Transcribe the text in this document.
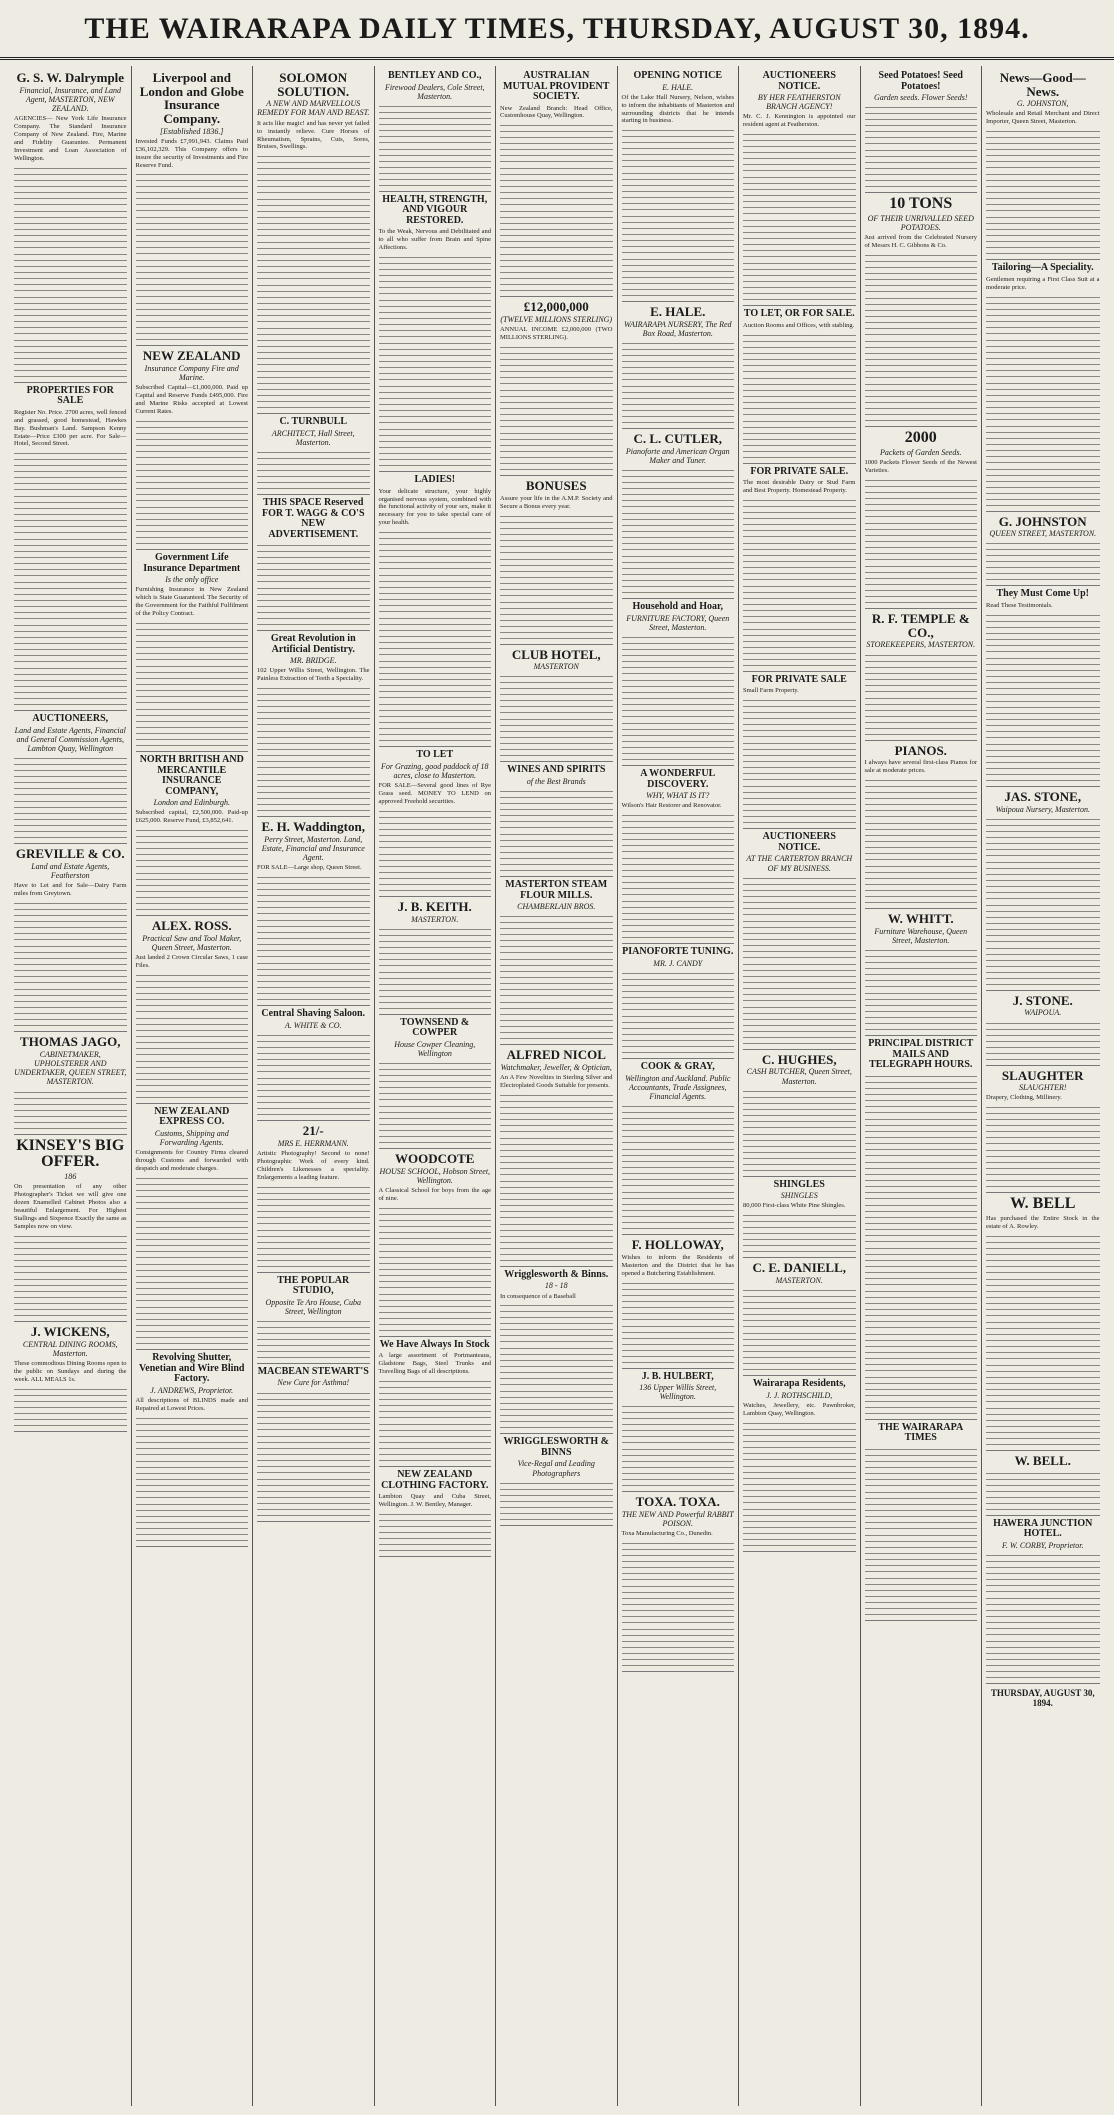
THE WAIRARAPA DAILY TIMES, THURSDAY, AUGUST 30, 1894.
G. S. W. Dalrymple
Financial, Insurance, and Land Agent, MASTERTON, NEW ZEALAND.
AGENCIES— New York Life Insurance Company. The Standard Insurance Company of New Zealand. Fire, Marine and Fidelity Guarantee. Permanent Investment and Loan Association of Wellington.
PROPERTIES FOR SALE
Register No. Price. 2700 acres, well fenced and grassed, good homestead, Hawkes Bay. Bushman's Land. Sampson Kenny Estate—Price £300 per acre. For Sale—Hotel, Second Street.
AUCTIONEERS,
Land and Estate Agents, Financial and General Commission Agents, Lambton Quay, Wellington
GREVILLE & CO.
Land and Estate Agents, Featherston
Have to Let and for Sale—Dairy Farm miles from Greytown.
THOMAS JAGO,
CABINETMAKER, UPHOLSTERER AND UNDERTAKER, QUEEN STREET, MASTERTON.
KINSEY'S BIG OFFER.
186
On presentation of any other Photographer's Ticket we will give one dozen Enamelled Cabinet Photos also a beautiful Enlargement. For Highest Stallings and Sixpence Exactly the same as Samples now on view.
J. WICKENS,
CENTRAL DINING ROOMS, Masterton.
These commodious Dining Rooms open to the public on Sundays and during the week. ALL MEALS 1s.
Liverpool and London and Globe Insurance Company.
[Established 1836.]
Invested Funds £7,991,943. Claims Paid £36,102,329. This Company offers to insure the security of Investments and Fire Reserve Fund.
NEW ZEALAND
Insurance Company Fire and Marine.
Subscribed Capital—£1,000,000. Paid up Capital and Reserve Funds £495,000. Fire and Marine Risks accepted at Lowest Current Rates.
Government Life Insurance Department
Is the only office
Furnishing Insurance in New Zealand which is State Guaranteed. The Security of the Government for the Faithful Fulfilment of the Policy Contract.
NORTH BRITISH AND MERCANTILE INSURANCE COMPANY,
London and Edinburgh.
Subscribed capital, £2,500,000. Paid-up £625,000. Reserve Fund, £3,852,641.
ALEX. ROSS.
Practical Saw and Tool Maker, Queen Street, Masterton.
Just landed 2 Crown Circular Saws, 1 case Files.
NEW ZEALAND EXPRESS CO.
Customs, Shipping and Forwarding Agents.
Consignments for Country Firms cleared through Customs and forwarded with despatch and moderate charges.
Revolving Shutter, Venetian and Wire Blind Factory.
J. ANDREWS, Proprietor.
All descriptions of BLINDS made and Repaired at Lowest Prices.
SOLOMON SOLUTION.
A NEW AND MARVELLOUS REMEDY FOR MAN AND BEAST.
It acts like magic! and has never yet failed to instantly relieve. Cure Horses of Rheumatism, Sprains, Cuts, Sores, Bruises, Swellings.
C. TURNBULL
ARCHITECT, Hall Street, Masterton.
THIS SPACE Reserved FOR T. WAGG & CO'S NEW ADVERTISEMENT.
Great Revolution in Artificial Dentistry.
MR. BRIDGE.
102 Upper Willis Street, Wellington. The Painless Extraction of Teeth a Speciality.
E. H. Waddington,
Perry Street, Masterton. Land, Estate, Financial and Insurance Agent.
FOR SALE—Large shop, Queen Street.
Central Shaving Saloon.
A. WHITE & CO.
21/-
MRS E. HERRMANN.
Artistic Photography! Second to none! Photographic Work of every kind. Children's Likenesses a speciality. Enlargements a leading feature.
THE POPULAR STUDIO,
Opposite Te Aro House, Cuba Street, Wellington
MACBEAN STEWART'S
New Cure for Asthma!
BENTLEY AND CO.,
Firewood Dealers, Cole Street, Masterton.
HEALTH, STRENGTH, AND VIGOUR RESTORED.
To the Weak, Nervous and Debilitated and to all who suffer from Brain and Spine Affections.
LADIES!
Your delicate structure, your highly organised nervous system, combined with the functional activity of your sex, make it necessary for you to take special care of your health.
TO LET
For Grazing, good paddock of 18 acres, close to Masterton.
FOR SALE—Several good lines of Rye Grass seed. MONEY TO LEND on approved Freehold securities.
J. B. KEITH.
MASTERTON.
TOWNSEND & COWPER
House Cowper Cleaning, Wellington
WOODCOTE
HOUSE SCHOOL, Hobson Street, Wellington.
A Classical School for boys from the age of nine.
We Have Always In Stock
A large assortment of Portmanteaus, Gladstone Bags, Steel Trunks and Travelling Bags of all descriptions.
NEW ZEALAND CLOTHING FACTORY.
Lambton Quay and Cuba Street, Wellington. J. W. Bentley, Manager.
AUSTRALIAN MUTUAL PROVIDENT SOCIETY.
New Zealand Branch: Head Office, Customhouse Quay, Wellington.
£12,000,000
(TWELVE MILLIONS STERLING)
ANNUAL INCOME £2,000,000 (TWO MILLIONS STERLING).
BONUSES
Assure your life in the A.M.P. Society and Secure a Bonus every year.
CLUB HOTEL,
MASTERTON
WINES AND SPIRITS
of the Best Brands
MASTERTON STEAM FLOUR MILLS.
CHAMBERLAIN BROS.
ALFRED NICOL
Watchmaker, Jeweller, & Optician,
An A Few Novelties in Sterling Silver and Electroplated Goods Suitable for presents.
Wrigglesworth & Binns.
18 - 18
In consequence of a Baseball
WRIGGLESWORTH & BINNS
Vice-Regal and Leading Photographers
OPENING NOTICE
E. HALE.
Of the Lake Hall Nursery, Nelson, wishes to inform the inhabitants of Masterton and surrounding districts that he intends starting in business.
E. HALE.
WAIRARAPA NURSERY, The Red Box Road, Masterton.
C. L. CUTLER,
Pianoforte and American Organ Maker and Tuner.
Household and Hoar,
FURNITURE FACTORY, Queen Street, Masterton.
A WONDERFUL DISCOVERY.
WHY, WHAT IS IT?
Wilson's Hair Restorer and Renovator.
PIANOFORTE TUNING.
MR. J. CANDY
COOK & GRAY,
Wellington and Auckland. Public Accountants, Trade Assignees, Financial Agents.
F. HOLLOWAY,
Wishes to inform the Residents of Masterton and the District that he has opened a Butchering Establishment.
J. B. HULBERT,
136 Upper Willis Street, Wellington.
TOXA. TOXA.
THE NEW AND Powerful RABBIT POISON.
Toxa Manufacturing Co., Dunedin.
AUCTIONEERS NOTICE.
BY HER FEATHERSTON BRANCH AGENCY!
Mr. C. J. Kennington is appointed our resident agent at Featherston.
TO LET, OR FOR SALE.
Auction Rooms and Offices, with stabling.
FOR PRIVATE SALE.
The most desirable Dairy or Stud Farm and Best Property. Homestead Property.
FOR PRIVATE SALE
Small Farm Property.
AUCTIONEERS NOTICE.
AT THE CARTERTON BRANCH OF MY BUSINESS.
C. HUGHES,
CASH BUTCHER, Queen Street, Masterton.
SHINGLES
SHINGLES
80,000 First-class White Pine Shingles.
C. E. DANIELL,
MASTERTON.
Wairarapa Residents,
J. J. ROTHSCHILD,
Watches, Jewellery, etc. Pawnbroker, Lambton Quay, Wellington.
Seed Potatoes! Seed Potatoes!
Garden seeds. Flower Seeds!
10 TONS
OF THEIR UNRIVALLED SEED POTATOES.
Just arrived from the Celebrated Nursery of Messrs H. C. Gibbons & Co.
2000
Packets of Garden Seeds.
1000 Packets Flower Seeds of the Newest Varieties.
R. F. TEMPLE & CO.,
STOREKEEPERS, MASTERTON.
PIANOS.
I always have several first-class Pianos for sale at moderate prices.
W. WHITT.
Furniture Warehouse, Queen Street, Masterton.
PRINCIPAL DISTRICT MAILS AND TELEGRAPH HOURS.
THE WAIRARAPA TIMES
News—Good—News.
G. JOHNSTON,
Wholesale and Retail Merchant and Direct Importer, Queen Street, Masterton.
Tailoring—A Speciality.
Gentlemen requiring a First Class Suit at a moderate price.
G. JOHNSTON
QUEEN STREET, MASTERTON.
They Must Come Up!
Read These Testimonials.
JAS. STONE,
Waipoua Nursery, Masterton.
J. STONE.
WAIPOUA.
SLAUGHTER
SLAUGHTER!
Drapery, Clothing, Millinery.
W. BELL
Has purchased the Entire Stock in the estate of A. Rowley.
W. BELL.
HAWERA JUNCTION HOTEL.
F. W. CORBY, Proprietor.
THURSDAY, AUGUST 30, 1894.
